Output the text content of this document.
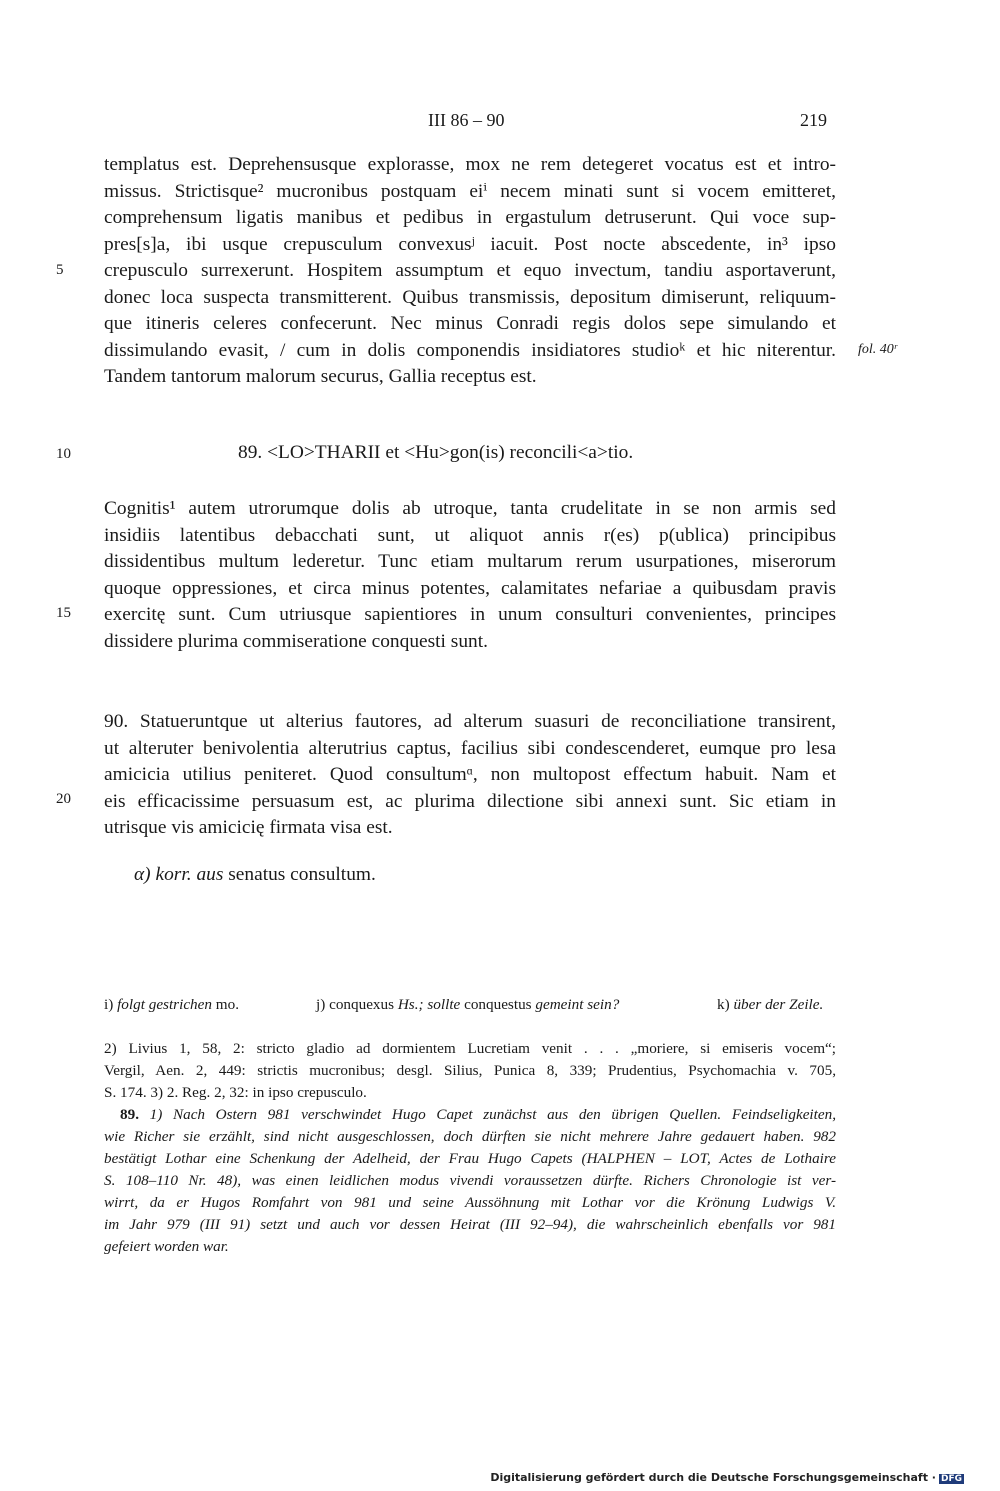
III 86 – 90	219
templatus est. Deprehensusque explorasse, mox ne rem detegeret vocatus est et intro-
missus. Strictisque² mucronibus postquam eiⁱ necem minati sunt si vocem emitteret,
comprehensum ligatis manibus et pedibus in ergastulum detruserunt. Qui voce sup-
pres[s]a, ibi usque crepusculum convexusʲ iacuit. Post nocte abscedente, in³ ipso
crepusculo surrexerunt. Hospitem assumptum et equo invectum, tandiu asportaverunt,
donec loca suspecta transmitterent. Quibus transmissis, depositum dimiserunt, reliquum-
que itineris celeres confecerunt. Nec minus Conradi regis dolos sepe simulando et
dissimulando evasit, / cum in dolis componendis insidiatores studioᵏ et hic niterentur.
Tandem tantorum malorum securus, Gallia receptus est.
fol. 40ʳ
5
10
15
20
89. <LO>THARII et <Hu>gon(is) reconcili<a>tio.
Cognitis¹ autem utrorumque dolis ab utroque, tanta crudelitate in se non armis sed
insidiis latentibus debacchati sunt, ut aliquot annis r(es) p(ublica) principibus
dissidentibus multum lederetur. Tunc etiam multarum rerum usurpationes, miserorum
quoque oppressiones, et circa minus potentes, calamitates nefariae a quibusdam pravis
exercitę sunt. Cum utriusque sapientiores in unum consulturi convenientes, principes
dissidere plurima commiseratione conquesti sunt.
90. Statueruntque ut alterius fautores, ad alterum suasuri de reconciliatione transirent,
ut alteruter benivolentia alterutrius captus, facilius sibi condescenderet, eumque pro lesa
amicicia utilius peniteret. Quod consultumᵅ, non multopost effectum habuit. Nam et
eis efficacissime persuasum est, ac plurima dilectione sibi annexi sunt. Sic etiam in
utrisque vis amicicię firmata visa est.
α) korr. aus senatus consultum.
i) folgt gestrichen mo.	j) conquexus Hs.; sollte conquestus gemeint sein?	k) über der Zeile.
2) Livius 1, 58, 2: stricto gladio ad dormientem Lucretiam venit . . . „moriere, si emiseris vocem“;
Vergil, Aen. 2, 449: strictis mucronibus; desgl. Silius, Punica 8, 339; Prudentius, Psychomachia v. 705,
S. 174. 3) 2. Reg. 2, 32: in ipso crepusculo.
89. 1) Nach Ostern 981 verschwindet Hugo Capet zunächst aus den übrigen Quellen. Feindseligkeiten,
wie Richer sie erzählt, sind nicht ausgeschlossen, doch dürften sie nicht mehrere Jahre gedauert haben. 982
bestätigt Lothar eine Schenkung der Adelheid, der Frau Hugo Capets (HALPHEN – LOT, Actes de Lothaire
S. 108–110 Nr. 48), was einen leidlichen modus vivendi voraussetzen dürfte. Richers Chronologie ist ver-
wirrt, da er Hugos Romfahrt von 981 und seine Aussöhnung mit Lothar vor die Krönung Ludwigs V.
im Jahr 979 (III 91) setzt und auch vor dessen Heirat (III 92–94), die wahrscheinlich ebenfalls vor 981
gefeiert worden war.
Digitalisierung gefördert durch die Deutsche Forschungsgemeinschaft · DFG
